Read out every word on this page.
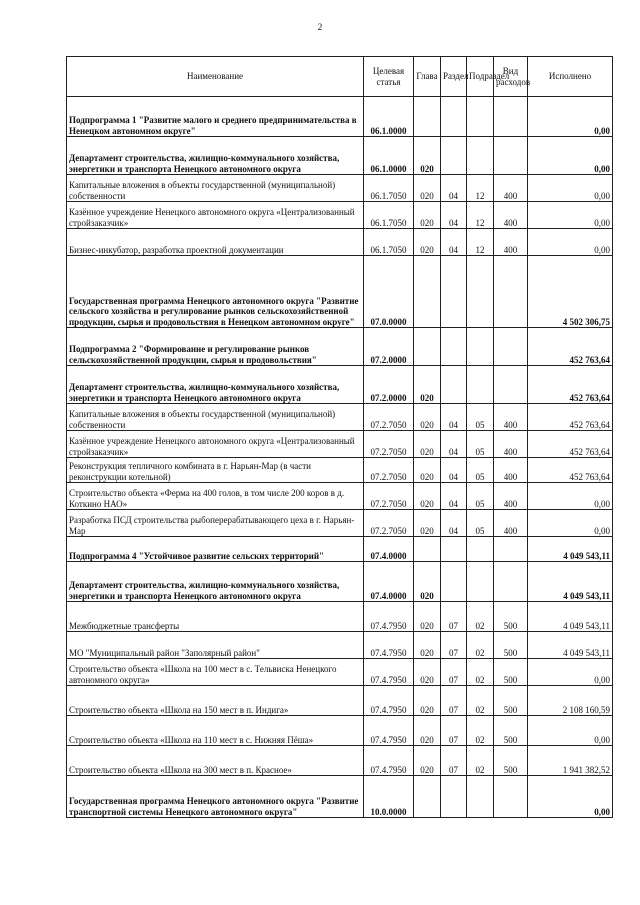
2
Наименование	Целевая статья	Глава	Раздел	Подраздел	Вид расходов	Исполнено
Подпрограмма 1 "Развитие малого и среднего предпринимательства в Ненецком автономном округе"	06.1.0000					0,00
Департамент строительства, жилищно-коммунального хозяйства, энергетики и транспорта Ненецкого автономного округа	06.1.0000	020				0,00
Капитальные вложения в объекты государственной (муниципальной) собственности	06.1.7050	020	04	12	400	0,00
Казённое учреждение Ненецкого автономного округа «Централизованный стройзаказчик»	06.1.7050	020	04	12	400	0,00
Бизнес-инкубатор, разработка проектной документации	06.1.7050	020	04	12	400	0,00
Государственная программа Ненецкого автономного округа "Развитие сельского хозяйства и регулирование рынков сельскохозяйственной продукции, сырья и продовольствия в Ненецком автономном округе"	07.0.0000					4 502 306,75
Подпрограмма 2 "Формирование и регулирование рынков сельскохозяйственной продукции, сырья и продовольствия"	07.2.0000					452 763,64
Департамент строительства, жилищно-коммунального хозяйства, энергетики и транспорта Ненецкого автономного округа	07.2.0000	020				452 763,64
Капитальные вложения в объекты государственной (муниципальной) собственности	07.2.7050	020	04	05	400	452 763,64
Казённое учреждение Ненецкого автономного округа «Централизованный стройзаказчик»	07.2.7050	020	04	05	400	452 763,64
Реконструкция тепличного комбината в г. Нарьян-Мар (в части реконструкции котельной)	07.2.7050	020	04	05	400	452 763,64
Строительство объекта «Ферма на 400 голов, в том числе 200 коров в д. Коткино НАО»	07.2.7050	020	04	05	400	0,00
Разработка ПСД строительства рыбоперерабатывающего цеха в г. Нарьян-Мар	07.2.7050	020	04	05	400	0,00
Подпрограмма 4 "Устойчивое развитие сельских территорий"	07.4.0000					4 049 543,11
Департамент строительства, жилищно-коммунального хозяйства, энергетики и транспорта Ненецкого автономного округа	07.4.0000	020				4 049 543,11
Межбюджетные трансферты	07.4.7950	020	07	02	500	4 049 543,11
МО "Муниципальный район "Заполярный район"	07.4.7950	020	07	02	500	4 049 543,11
Строительство объекта «Школа на 100 мест в с. Тельвиска Ненецкого автономного округа»	07.4.7950	020	07	02	500	0,00
Строительство объекта «Школа на 150 мест в п. Индига»	07.4.7950	020	07	02	500	2 108 160,59
Строительство объекта «Школа на 110 мест в с. Нижняя Пёша»	07.4.7950	020	07	02	500	0,00
Строительство объекта «Школа на 300 мест в п. Красное»	07.4.7950	020	07	02	500	1 941 382,52
Государственная программа Ненецкого автономного округа "Развитие транспортной системы Ненецкого автономного округа"	10.0.0000					0,00
